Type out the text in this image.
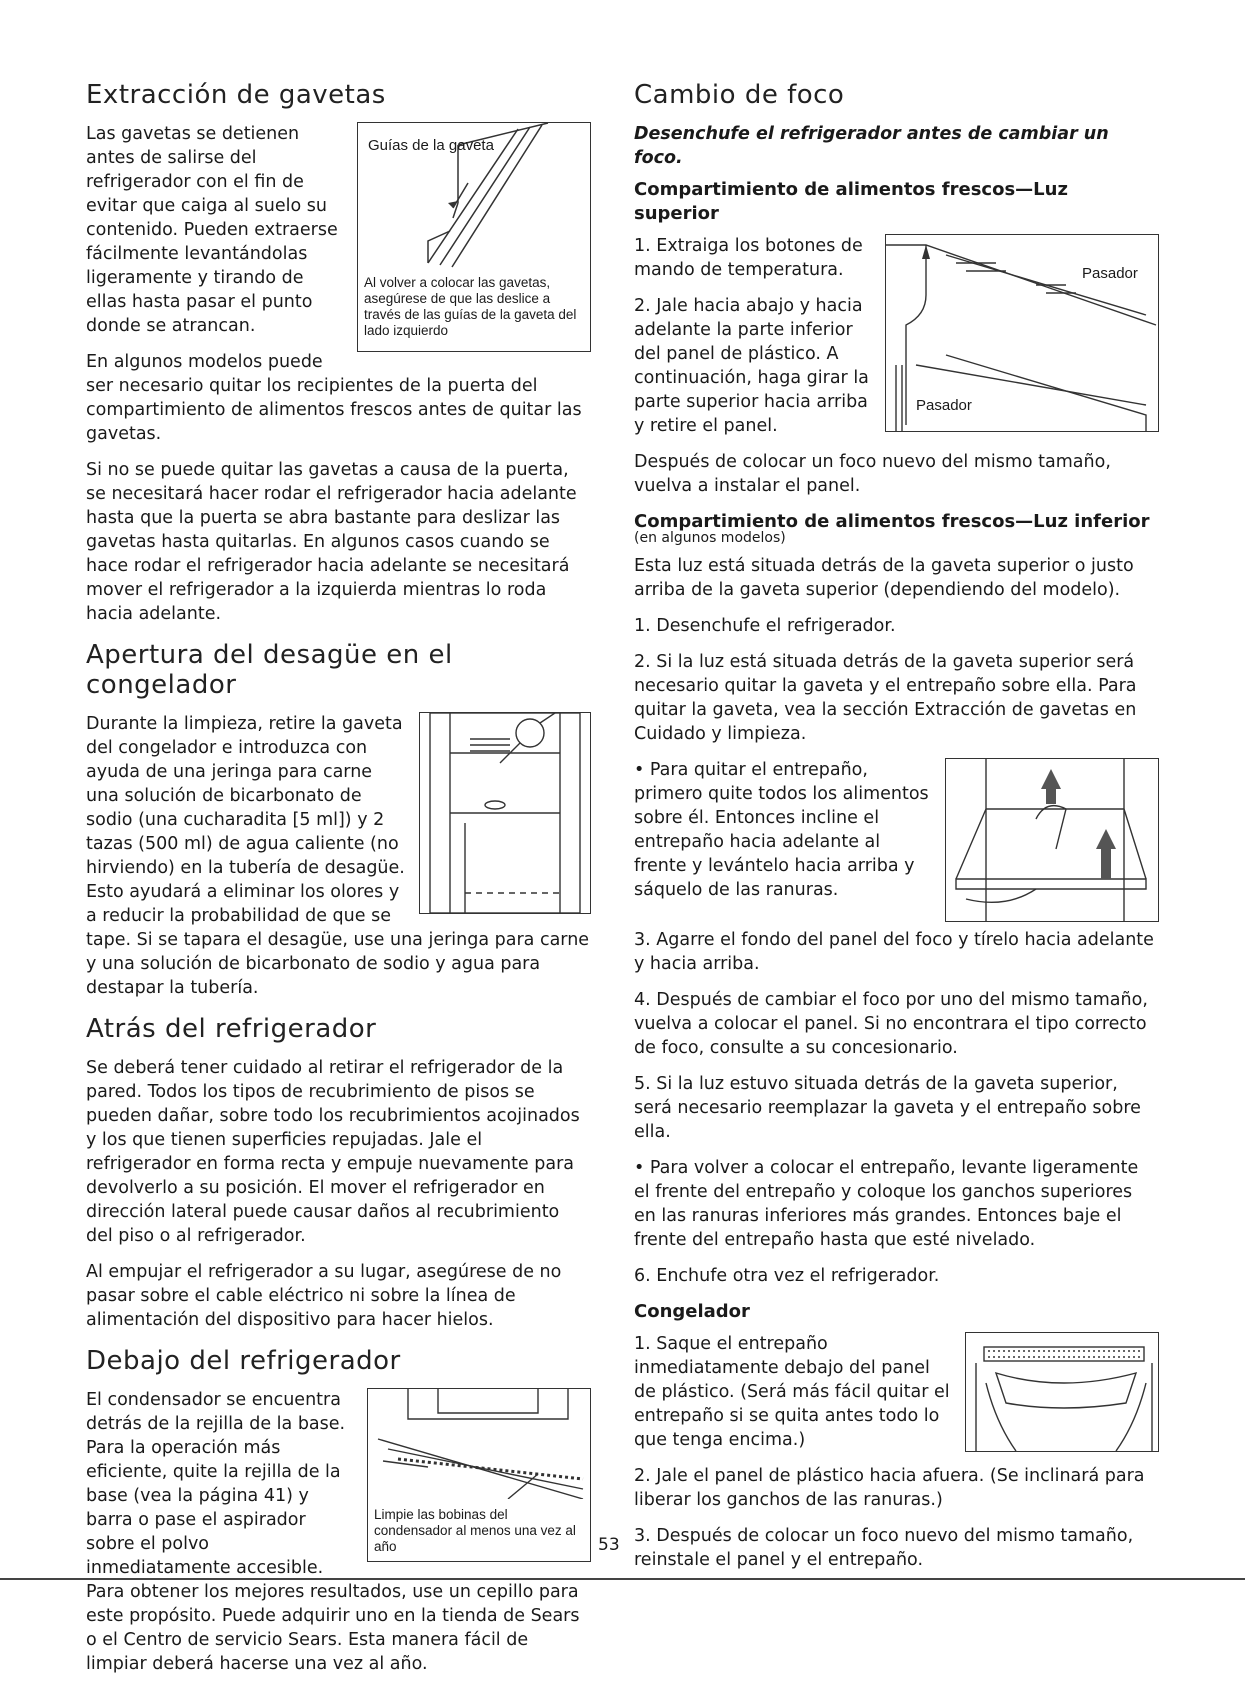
Extracción de gavetas
Guías de la gaveta
Al volver a colocar las gavetas, asegúrese de que las deslice a través de las guías de la gaveta del lado izquierdo

Las gavetas se detienen antes de salirse del refrigerador con el fin de evitar que caiga al suelo su contenido. Pueden extraerse fácilmente levantándolas ligeramente y tirando de ellas hasta pasar el punto donde se atrancan.

En algunos modelos puede ser necesario quitar los recipientes de la puerta del compartimiento de alimentos frescos antes de quitar las gavetas.

Si no se puede quitar las gavetas a causa de la puerta, se necesitará hacer rodar el refrigerador hacia adelante hasta que la puerta se abra bastante para deslizar las gavetas hasta quitarlas. En algunos casos cuando se hace rodar el refrigerador hacia adelante se necesitará mover el refrigerador a la izquierda mientras lo roda hacia adelante.

Apertura del desagüe en el congelador

Durante la limpieza, retire la gaveta del congelador e introduzca con ayuda de una jeringa para carne una solución de bicarbonato de sodio (una cucharadita [5 ml]) y 2 tazas (500 ml) de agua caliente (no hirviendo) en la tubería de desagüe. Esto ayudará a eliminar los olores y a reducir la probabilidad de que se tape. Si se tapara el desagüe, use una jeringa para carne y una solución de bicarbonato de sodio y agua para destapar la tubería.

Atrás del refrigerador

Se deberá tener cuidado al retirar el refrigerador de la pared. Todos los tipos de recubrimiento de pisos se pueden dañar, sobre todo los recubrimientos acojinados y los que tienen superficies repujadas. Jale el refrigerador en forma recta y empuje nuevamente para devolverlo a su posición. El mover el refrigerador en dirección lateral puede causar daños al recubrimiento del piso o al refrigerador.

Al empujar el refrigerador a su lugar, asegúrese de no pasar sobre el cable eléctrico ni sobre la línea de alimentación del dispositivo para hacer hielos.

Debajo del refrigerador
Limpie las bobinas del condensador al menos una vez al año

El condensador se encuentra detrás de la rejilla de la base. Para la operación más eficiente, quite la rejilla de la base (vea la página 41) y barra o pase el aspirador sobre el polvo inmediatamente accesible. Para obtener los mejores resultados, use un cepillo para este propósito. Puede adquirir uno en la tienda de Sears o el Centro de servicio Sears. Esta manera fácil de limpiar deberá hacerse una vez al año.

Cambio de foco

Desenchufe el refrigerador antes de cambiar un foco.

Compartimiento de alimentos frescos—Luz superior

Pasador
Pasador

1. Extraiga los botones de mando de temperatura.

2. Jale hacia abajo y hacia adelante la parte inferior del panel de plástico. A continuación, haga girar la parte superior hacia arriba y retire el panel.

Después de colocar un foco nuevo del mismo tamaño, vuelva a instalar el panel.

Compartimiento de alimentos frescos—Luz inferior

(en algunos modelos)

Esta luz está situada detrás de la gaveta superior o justo arriba de la gaveta superior (dependiendo del modelo).

1. Desenchufe el refrigerador.

2. Si la luz está situada detrás de la gaveta superior será necesario quitar la gaveta y el entrepaño sobre ella. Para quitar la gaveta, vea la sección Extracción de gavetas en Cuidado y limpieza.

• Para quitar el entrepaño, primero quite todos los alimentos sobre él. Entonces incline el entrepaño hacia adelante al frente y levántelo hacia arriba y sáquelo de las ranuras.

3. Agarre el fondo del panel del foco y tírelo hacia adelante y hacia arriba.

4. Después de cambiar el foco por uno del mismo tamaño, vuelva a colocar el panel. Si no encontrara el tipo correcto de foco, consulte a su concesionario.

5. Si la luz estuvo situada detrás de la gaveta superior, será necesario reemplazar la gaveta y el entrepaño sobre ella.

• Para volver a colocar el entrepaño, levante ligeramente el frente del entrepaño y coloque los ganchos superiores en las ranuras inferiores más grandes. Entonces baje el frente del entrepaño hasta que esté nivelado.

6. Enchufe otra vez el refrigerador.

Congelador

1. Saque el entrepaño inmediatamente debajo del panel de plástico. (Será más fácil quitar el entrepaño si se quita antes todo lo que tenga encima.)

2. Jale el panel de plástico hacia afuera. (Se inclinará para liberar los ganchos de las ranuras.)

3. Después de colocar un foco nuevo del mismo tamaño, reinstale el panel y el entrepaño.

53
